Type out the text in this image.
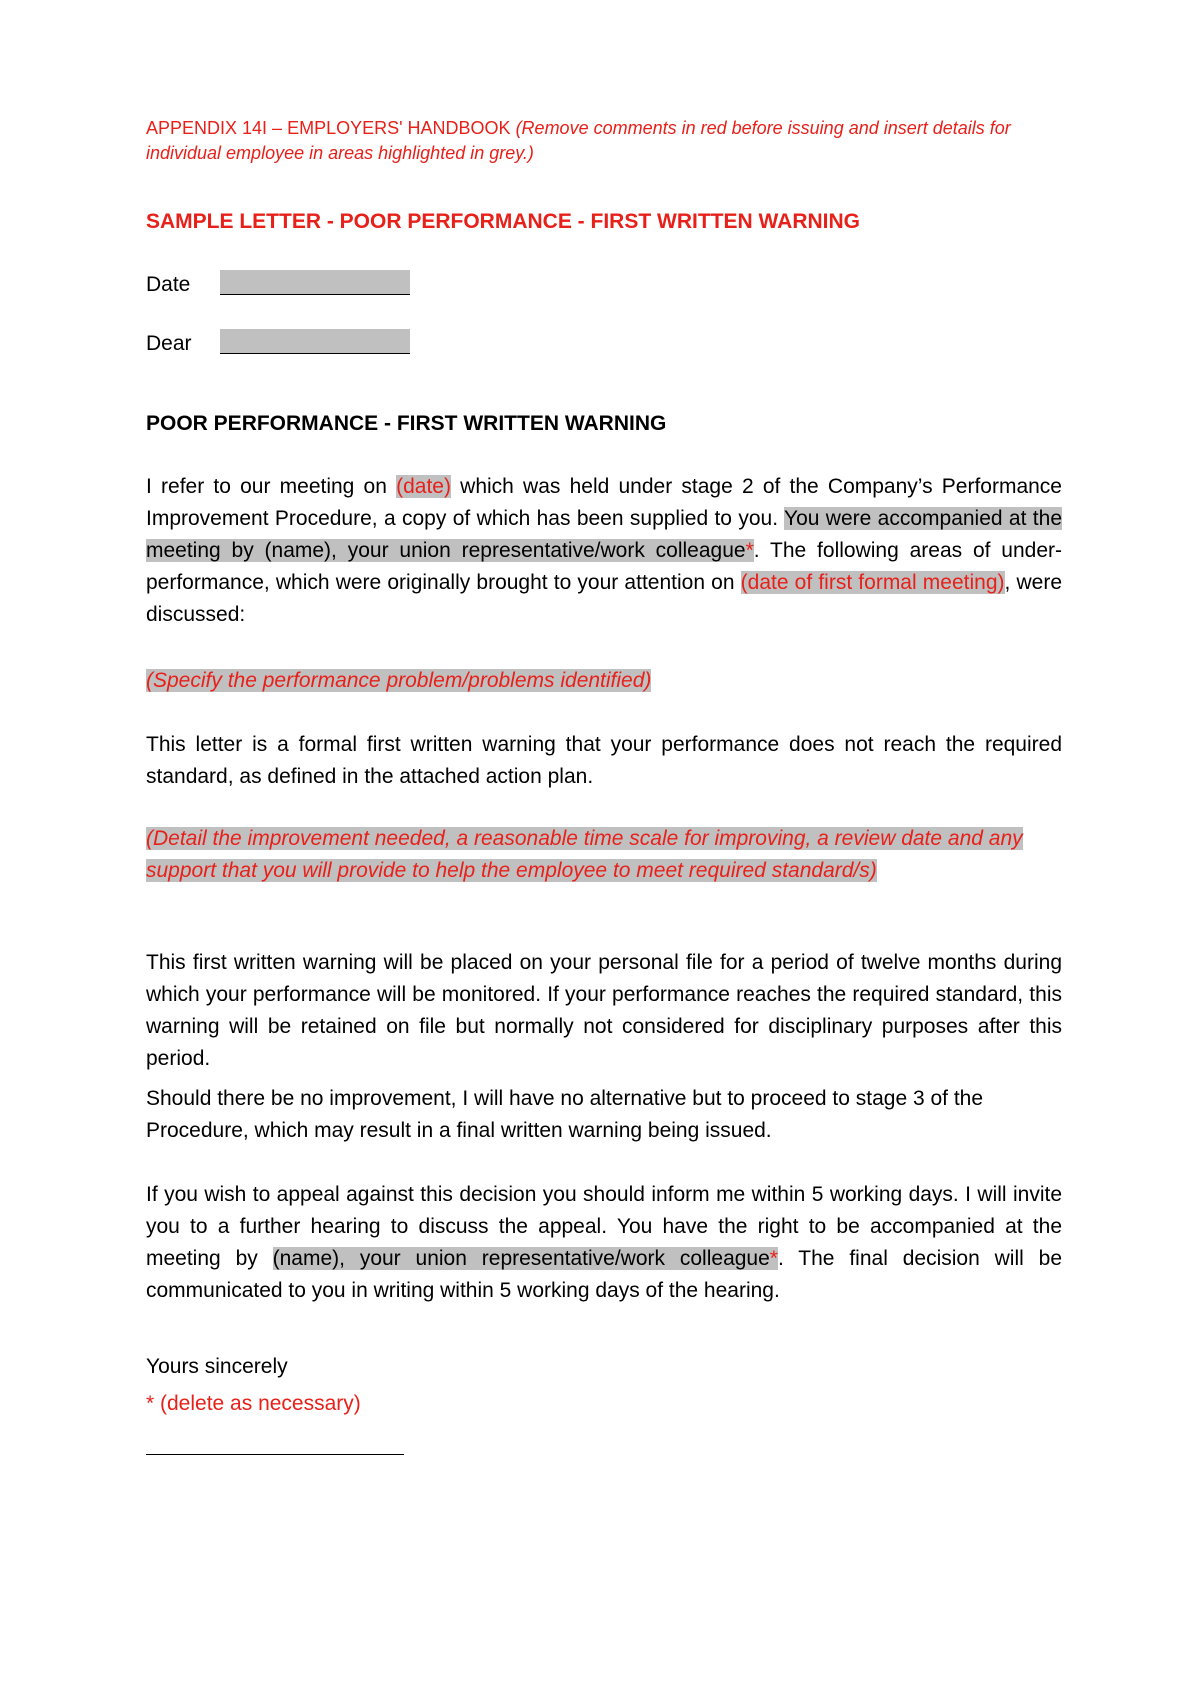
APPENDIX 14I – EMPLOYERS' HANDBOOK (Remove comments in red before issuing and insert details for individual employee in areas highlighted in grey.)

SAMPLE LETTER - POOR PERFORMANCE - FIRST WRITTEN WARNING

Date
Dear

POOR PERFORMANCE - FIRST WRITTEN WARNING

I refer to our meeting on (date) which was held under stage 2 of the Company’s Performance Improvement Procedure, a copy of which has been supplied to you. You were accompanied at the meeting by (name), your union representative/work colleague*. The following areas of under-performance, which were originally brought to your attention on (date of first formal meeting), were discussed:

(Specify the performance problem/problems identified)

This letter is a formal first written warning that your performance does not reach the required standard, as defined in the attached action plan.

(Detail the improvement needed, a reasonable time scale for improving, a review date and any support that you will provide to help the employee to meet required standard/s)

This first written warning will be placed on your personal file for a period of twelve months during which your performance will be monitored. If your performance reaches the required standard, this warning will be retained on file but normally not considered for disciplinary purposes after this period.

Should there be no improvement, I will have no alternative but to proceed to stage 3 of the Procedure, which may result in a final written warning being issued.

If you wish to appeal against this decision you should inform me within 5 working days. I will invite you to a further hearing to discuss the appeal. You have the right to be accompanied at the meeting by (name), your union representative/work colleague*. The final decision will be communicated to you in writing within 5 working days of the hearing.

Yours sincerely

* (delete as necessary)
